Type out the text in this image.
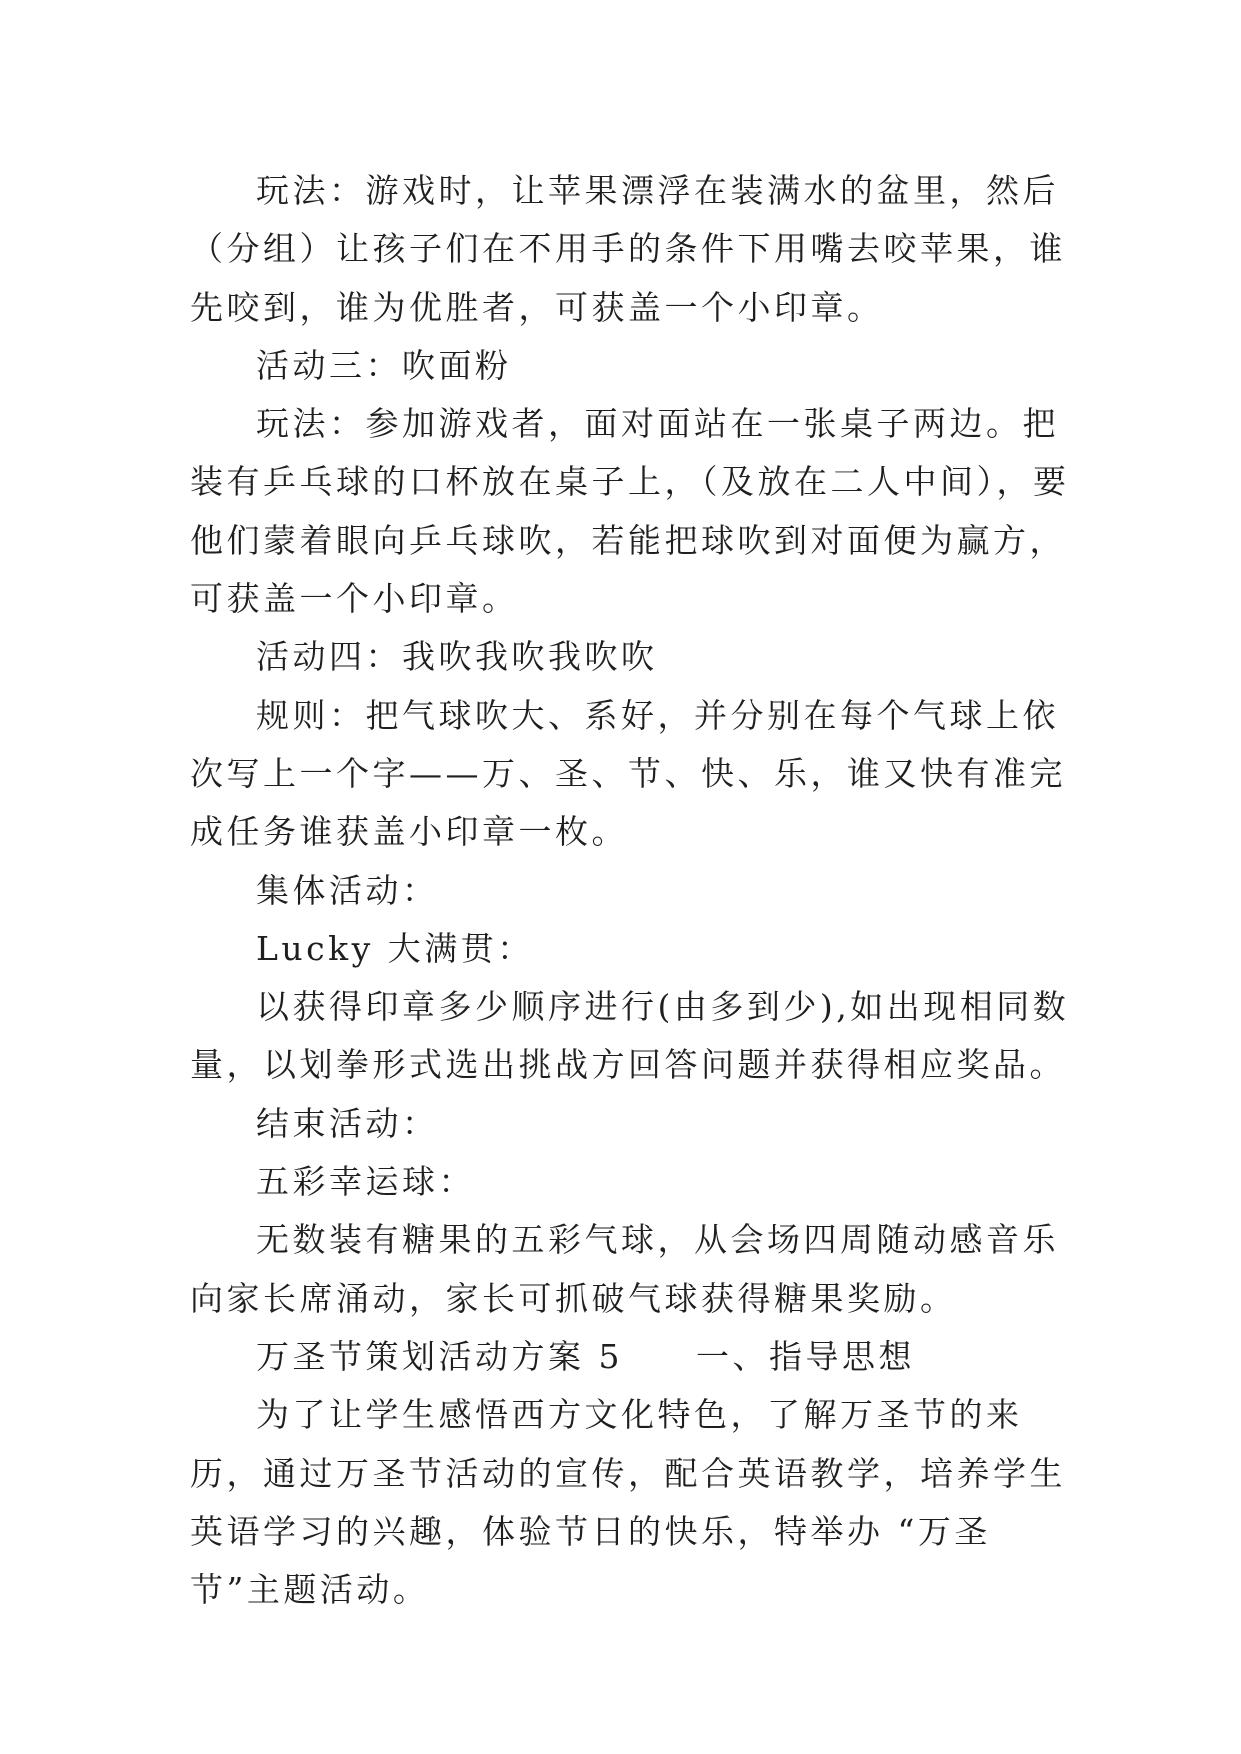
玩法：游戏时，让苹果漂浮在装满水的盆里，然后（分组）让孩子们在不用手的条件下用嘴去咬苹果，谁先咬到，谁为优胜者，可获盖一个小印章。

活动三：吹面粉

玩法：参加游戏者，面对面站在一张桌子两边。把装有乒乓球的口杯放在桌子上，（及放在二人中间），要他们蒙着眼向乒乓球吹，若能把球吹到对面便为赢方，可获盖一个小印章。

活动四：我吹我吹我吹吹

规则：把气球吹大、系好，并分别在每个气球上依次写上一个字——万、圣、节、快、乐，谁又快有准完成任务谁获盖小印章一枚。

集体活动：

Lucky 大满贯：

以获得印章多少顺序进行(由多到少),如出现相同数量，以划拳形式选出挑战方回答问题并获得相应奖品。

结束活动：

五彩幸运球：

无数装有糖果的五彩气球，从会场四周随动感音乐向家长席涌动，家长可抓破气球获得糖果奖励。

万圣节策划活动方案 5　　一、指导思想

为了让学生感悟西方文化特色，了解万圣节的来历，通过万圣节活动的宣传，配合英语教学，培养学生英语学习的兴趣，体验节日的快乐，特举办 “万圣节”主题活动。
